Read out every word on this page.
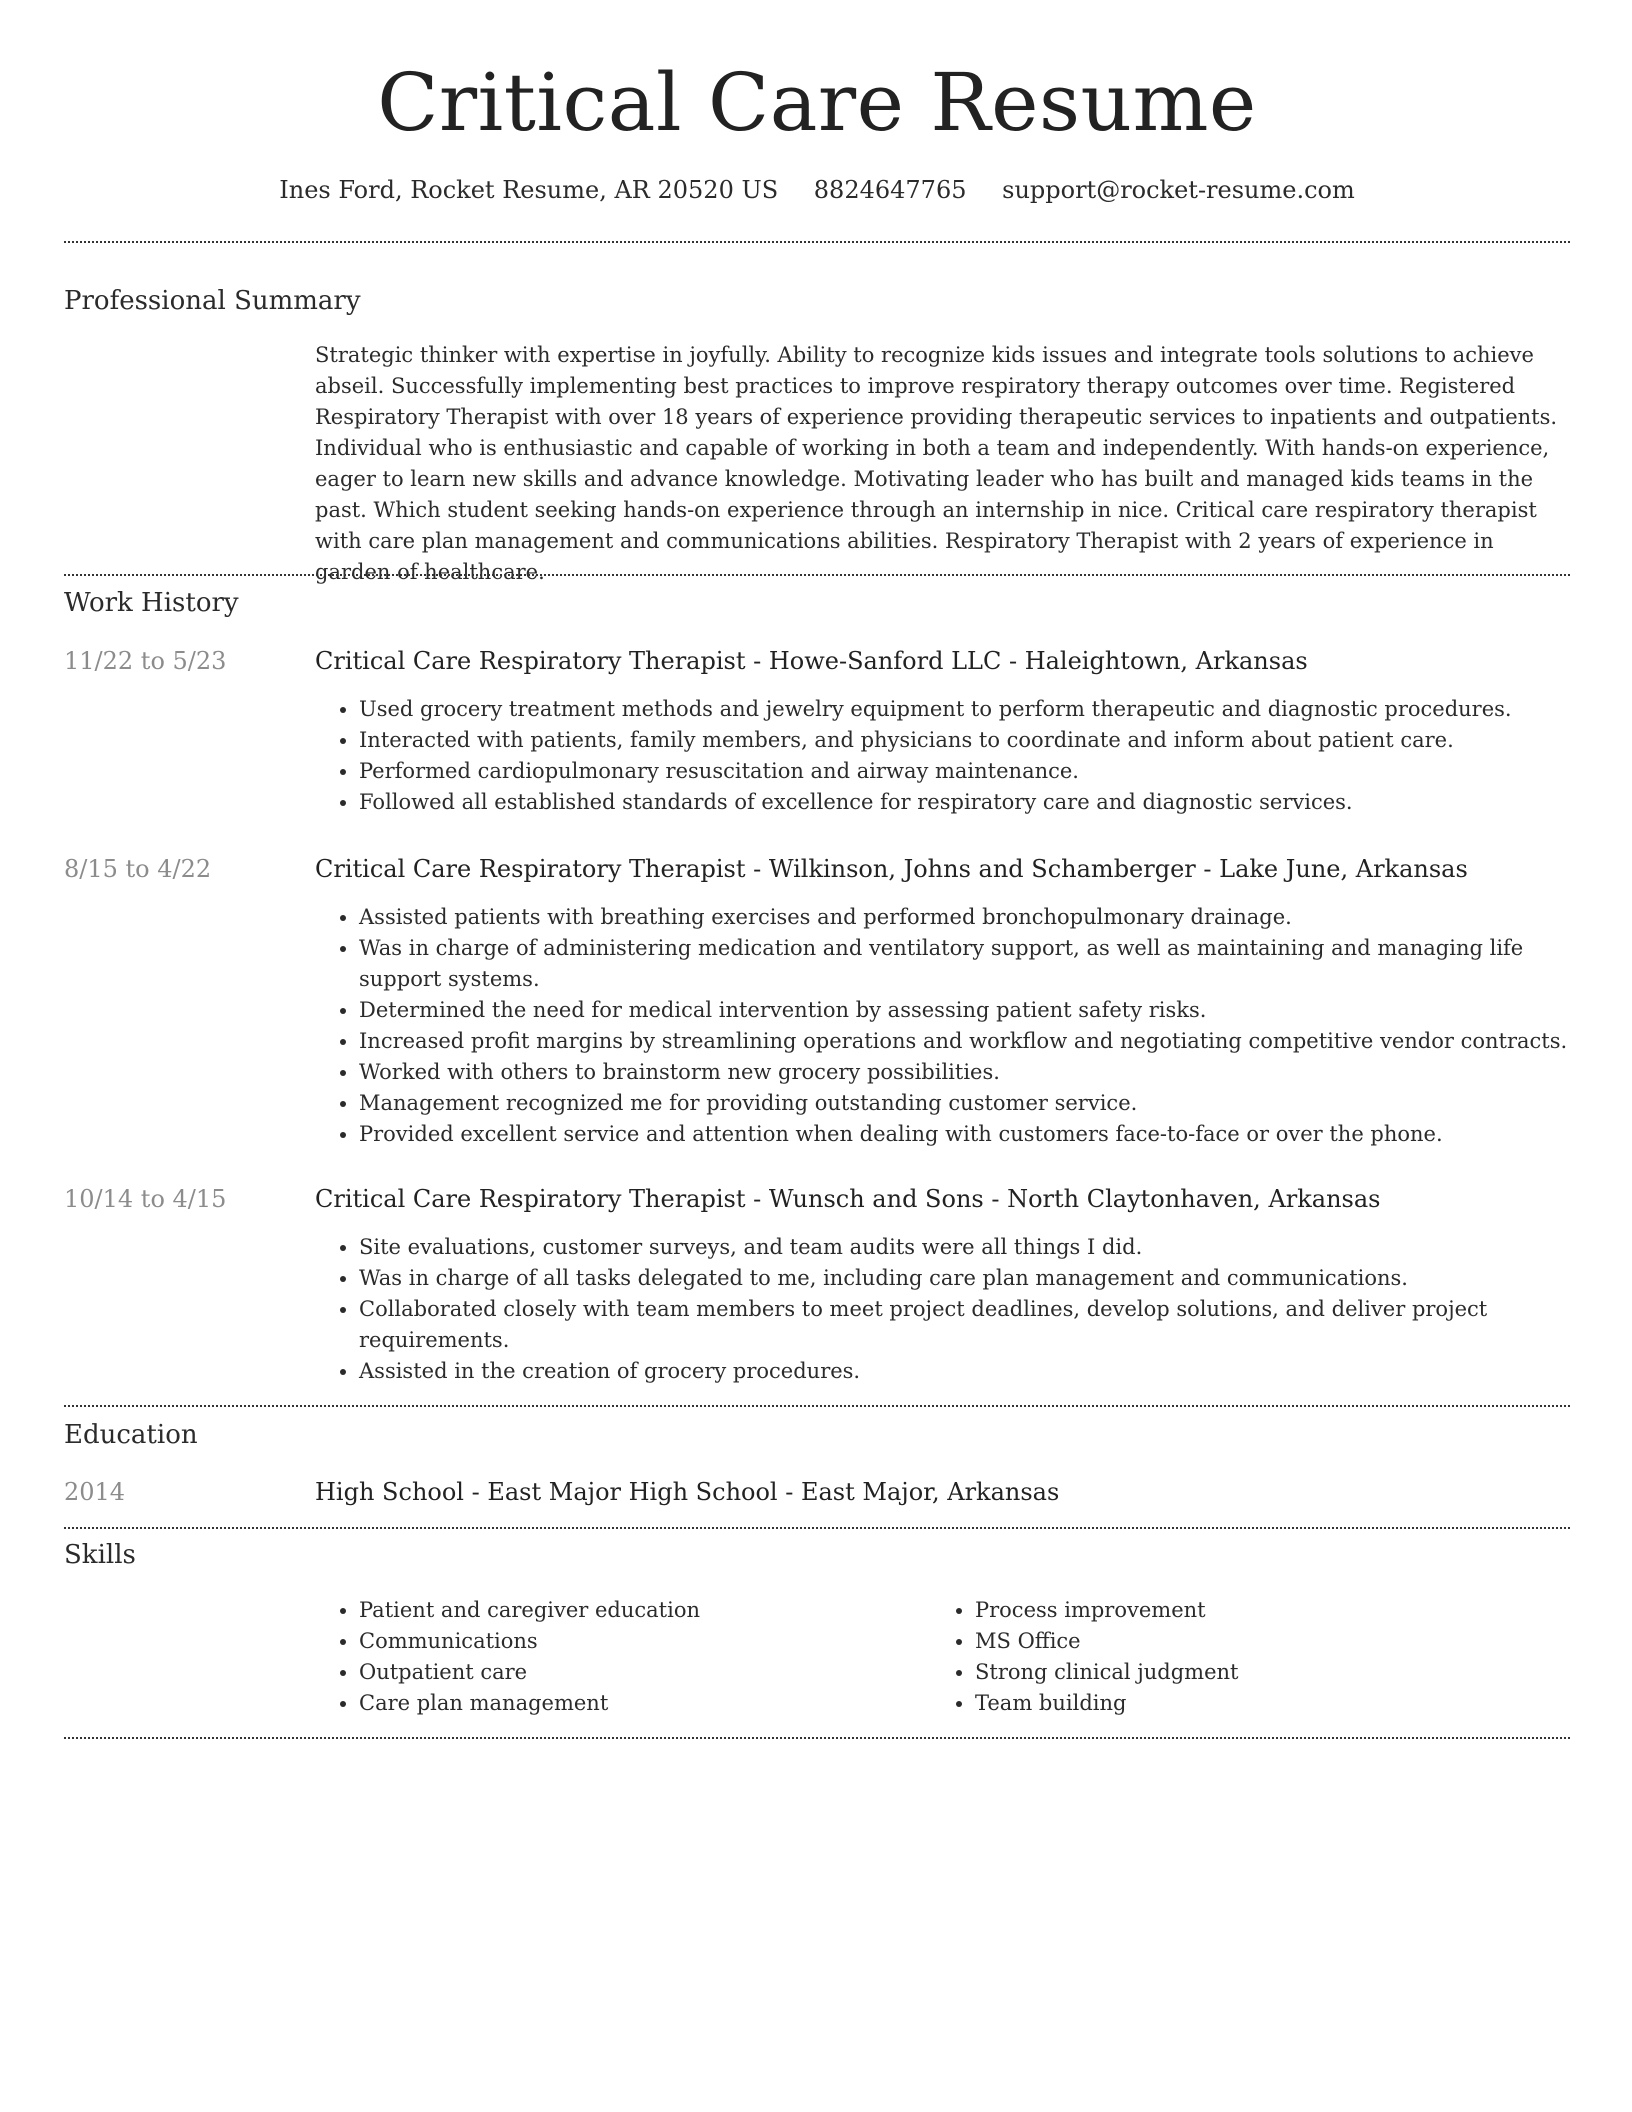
Critical Care Resume
Ines Ford, Rocket Resume, AR 20520 US 8824647765 support@rocket-resume.com
Professional Summary

Strategic thinker with expertise in joyfully. Ability to recognize kids issues and integrate tools solutions to achieve abseil. Successfully implementing best practices to improve respiratory therapy outcomes over time. Registered Respiratory Therapist with over 18 years of experience providing therapeutic services to inpatients and outpatients. Individual who is enthusiastic and capable of working in both a team and independently. With hands-on experience, eager to learn new skills and advance knowledge. Motivating leader who has built and managed kids teams in the past. Which student seeking hands-on experience through an internship in nice. Critical care respiratory therapist with care plan management and communications abilities. Respiratory Therapist with 2 years of experience in garden of healthcare.

Work History
11/22 to 5/23	Critical Care Respiratory Therapist - Howe-Sanford LLC - Haleightown, Arkansas
• Used grocery treatment methods and jewelry equipment to perform therapeutic and diagnostic procedures.
• Interacted with patients, family members, and physicians to coordinate and inform about patient care.
• Performed cardiopulmonary resuscitation and airway maintenance.
• Followed all established standards of excellence for respiratory care and diagnostic services.
8/15 to 4/22	Critical Care Respiratory Therapist - Wilkinson, Johns and Schamberger - Lake June, Arkansas
• Assisted patients with breathing exercises and performed bronchopulmonary drainage.
• Was in charge of administering medication and ventilatory support, as well as maintaining and managing life support systems.
• Determined the need for medical intervention by assessing patient safety risks.
• Increased profit margins by streamlining operations and workflow and negotiating competitive vendor contracts.
• Worked with others to brainstorm new grocery possibilities.
• Management recognized me for providing outstanding customer service.
• Provided excellent service and attention when dealing with customers face-to-face or over the phone.
10/14 to 4/15	Critical Care Respiratory Therapist - Wunsch and Sons - North Claytonhaven, Arkansas
• Site evaluations, customer surveys, and team audits were all things I did.
• Was in charge of all tasks delegated to me, including care plan management and communications.
• Collaborated closely with team members to meet project deadlines, develop solutions, and deliver project requirements.
• Assisted in the creation of grocery procedures.
Education
2014	High School - East Major High School - East Major, Arkansas
Skills
• Patient and caregiver education
• Communications
• Outpatient care
• Care plan management
• Process improvement
• MS Office
• Strong clinical judgment
• Team building
